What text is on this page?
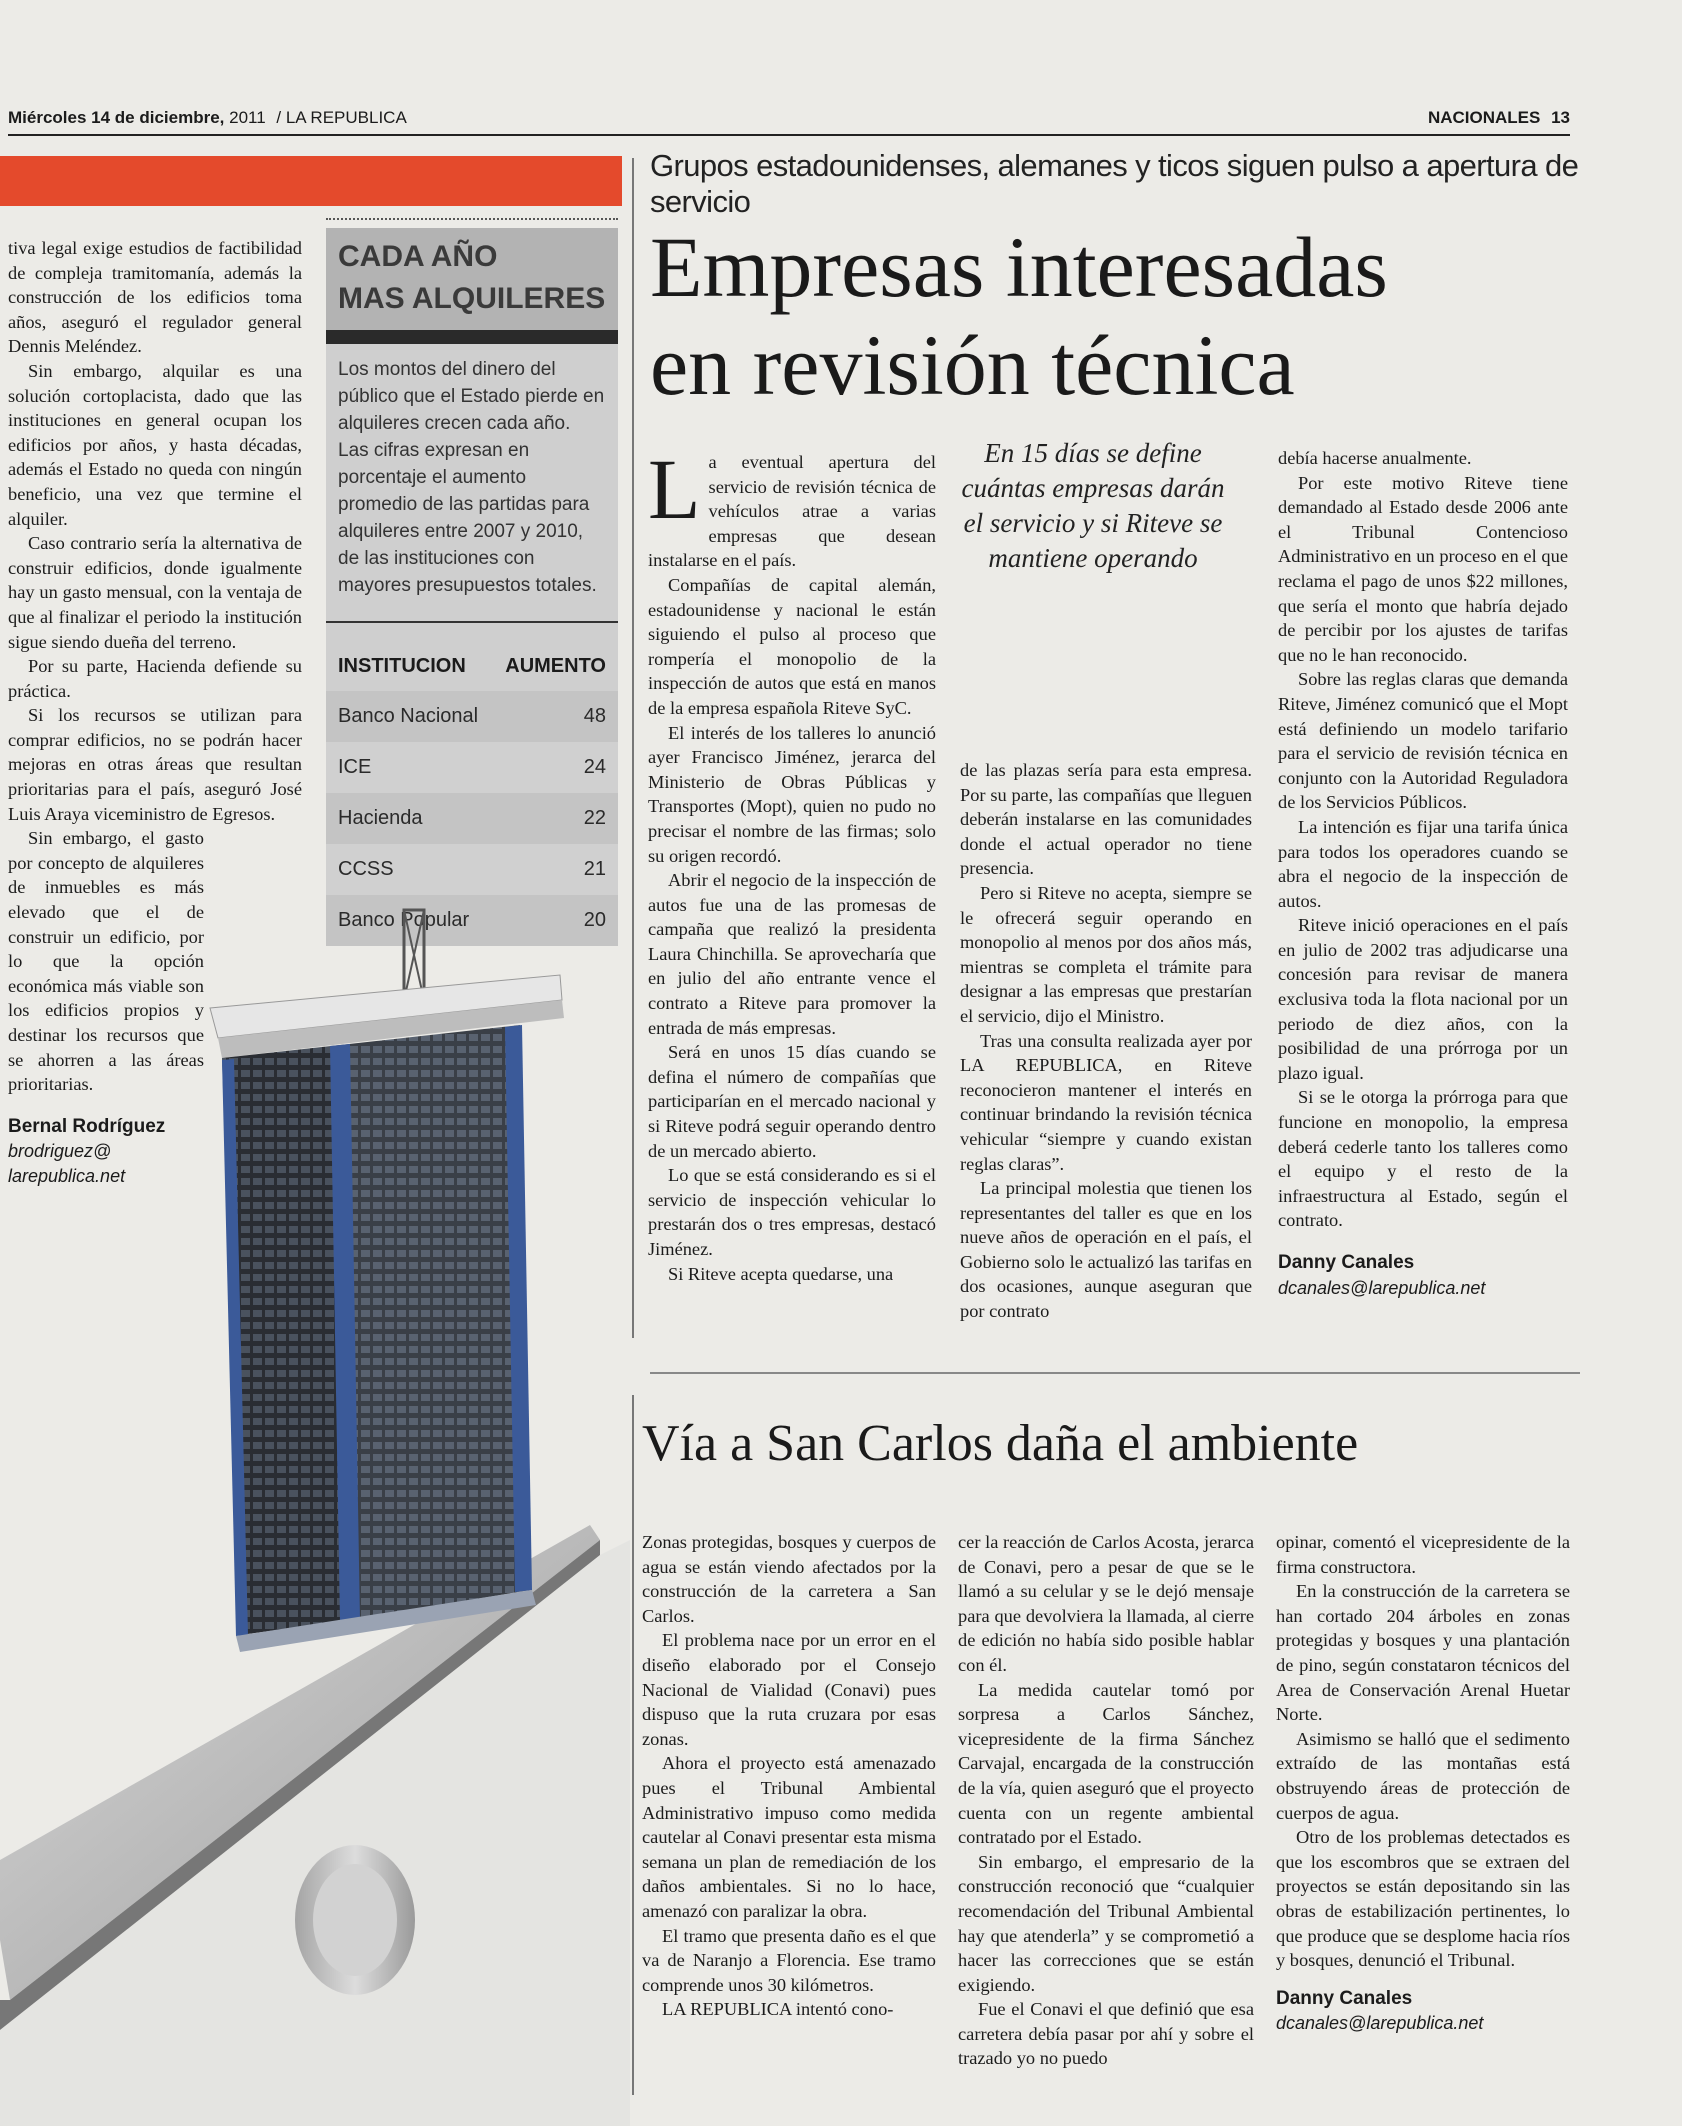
Miércoles 14 de diciembre, 2011 / LA REPUBLICA	NACIONALES 13

tiva legal exige estudios de factibilidad de compleja tramitomanía, además la construcción de los edificios toma años, aseguró el regulador general Dennis Meléndez.

Sin embargo, alquilar es una solución cortoplacista, dado que las instituciones en general ocupan los edificios por años, y hasta décadas, además el Estado no queda con ningún beneficio, una vez que termine el alquiler.

Caso contrario sería la alternativa de construir edificios, donde igualmente hay un gasto mensual, con la ventaja de que al finalizar el periodo la institución sigue siendo dueña del terreno.

Por su parte, Hacienda defiende su práctica.

Si los recursos se utilizan para comprar edificios, no se podrán hacer mejoras en otras áreas que resultan prioritarias para el país, aseguró José Luis Araya viceministro de Egresos.

Sin embargo, el gasto por concepto de alquileres de inmuebles es más elevado que el de construir un edificio, por lo que la opción económica más viable son los edificios propios y destinar los recursos que se ahorren a las áreas prioritarias.

Bernal Rodríguez
brodriguez@
larepublica.net
CADA AÑO
MAS ALQUILERES
Los montos del dinero del público que el Estado pierde en alquileres crecen cada año. Las cifras expresan en porcentaje el aumento promedio de las partidas para alquileres entre 2007 y 2010, de las instituciones con mayores presupuestos totales.
INSTITUCION AUMENTO
Banco Nacional	48
ICE	24
Hacienda	22
CCSS	21
Banco Popular	20
Grupos estadounidenses, alemanes y ticos siguen pulso a apertura de servicio
Empresas interesadas
en revisión técnica

La eventual apertura del servicio de revisión técnica de vehículos atrae a varias empresas que desean instalarse en el país.

Compañías de capital alemán, estadounidense y nacional le están siguiendo el pulso al proceso que rompería el monopolio de la inspección de autos que está en manos de la empresa española Riteve SyC.

El interés de los talleres lo anunció ayer Francisco Jiménez, jerarca del Ministerio de Obras Públicas y Transportes (Mopt), quien no pudo no precisar el nombre de las firmas; solo su origen recordó.

Abrir el negocio de la inspección de autos fue una de las promesas de campaña que realizó la presidenta Laura Chinchilla. Se aprovecharía que en julio del año entrante vence el contrato a Riteve para promover la entrada de más empresas.

Será en unos 15 días cuando se defina el número de compañías que participarían en el mercado nacional y si Riteve podrá seguir operando dentro de un mercado abierto.

Lo que se está considerando es si el servicio de inspección vehicular lo prestarán dos o tres empresas, destacó Jiménez.

Si Riteve acepta quedarse, una

En 15 días se define cuántas empresas darán el servicio y si Riteve se mantiene operando

de las plazas sería para esta empresa. Por su parte, las compañías que lleguen deberán instalarse en las comunidades donde el actual operador no tiene presencia.

Pero si Riteve no acepta, siempre se le ofrecerá seguir operando en monopolio al menos por dos años más, mientras se completa el trámite para designar a las empresas que prestarían el servicio, dijo el Ministro.

Tras una consulta realizada ayer por LA REPUBLICA, en Riteve reconocieron mantener el interés en continuar brindando la revisión técnica vehicular “siempre y cuando existan reglas claras”.

La principal molestia que tienen los representantes del taller es que en los nueve años de operación en el país, el Gobierno solo le actualizó las tarifas en dos ocasiones, aunque aseguran que por contrato

debía hacerse anualmente.

Por este motivo Riteve tiene demandado al Estado desde 2006 ante el Tribunal Contencioso Administrativo en un proceso en el que reclama el pago de unos $22 millones, que sería el monto que habría dejado de percibir por los ajustes de tarifas que no le han reconocido.

Sobre las reglas claras que demanda Riteve, Jiménez comunicó que el Mopt está definiendo un modelo tarifario para el servicio de revisión técnica en conjunto con la Autoridad Reguladora de los Servicios Públicos.

La intención es fijar una tarifa única para todos los operadores cuando se abra el negocio de la inspección de autos.

Riteve inició operaciones en el país en julio de 2002 tras adjudicarse una concesión para revisar de manera exclusiva toda la flota nacional por un periodo de diez años, con la posibilidad de una prórroga por un plazo igual.

Si se le otorga la prórroga para que funcione en monopolio, la empresa deberá cederle tanto los talleres como el equipo y el resto de la infraestructura al Estado, según el contrato.

Danny Canales
dcanales@larepublica.net
Vía a San Carlos daña el ambiente

Zonas protegidas, bosques y cuerpos de agua se están viendo afectados por la construcción de la carretera a San Carlos.

El problema nace por un error en el diseño elaborado por el Consejo Nacional de Vialidad (Conavi) pues dispuso que la ruta cruzara por esas zonas.

Ahora el proyecto está amenazado pues el Tribunal Ambiental Administrativo impuso como medida cautelar al Conavi presentar esta misma semana un plan de remediación de los daños ambientales. Si no lo hace, amenazó con paralizar la obra.

El tramo que presenta daño es el que va de Naranjo a Florencia. Ese tramo comprende unos 30 kilómetros.

LA REPUBLICA intentó cono-

cer la reacción de Carlos Acosta, jerarca de Conavi, pero a pesar de que se le llamó a su celular y se le dejó mensaje para que devolviera la llamada, al cierre de edición no había sido posible hablar con él.

La medida cautelar tomó por sorpresa a Carlos Sánchez, vicepresidente de la firma Sánchez Carvajal, encargada de la construcción de la vía, quien aseguró que el proyecto cuenta con un regente ambiental contratado por el Estado.

Sin embargo, el empresario de la construcción reconoció que “cualquier recomendación del Tribunal Ambiental hay que atenderla” y se comprometió a hacer las correcciones que se están exigiendo.

Fue el Conavi el que definió que esa carretera debía pasar por ahí y sobre el trazado yo no puedo

opinar, comentó el vicepresidente de la firma constructora.

En la construcción de la carretera se han cortado 204 árboles en zonas protegidas y bosques y una plantación de pino, según constataron técnicos del Area de Conservación Arenal Huetar Norte.

Asimismo se halló que el sedimento extraído de las montañas está obstruyendo áreas de protección de cuerpos de agua.

Otro de los problemas detectados es que los escombros que se extraen del proyectos se están depositando sin las obras de estabilización pertinentes, lo que produce que se desplome hacia ríos y bosques, denunció el Tribunal.

Danny Canales
dcanales@larepublica.net
